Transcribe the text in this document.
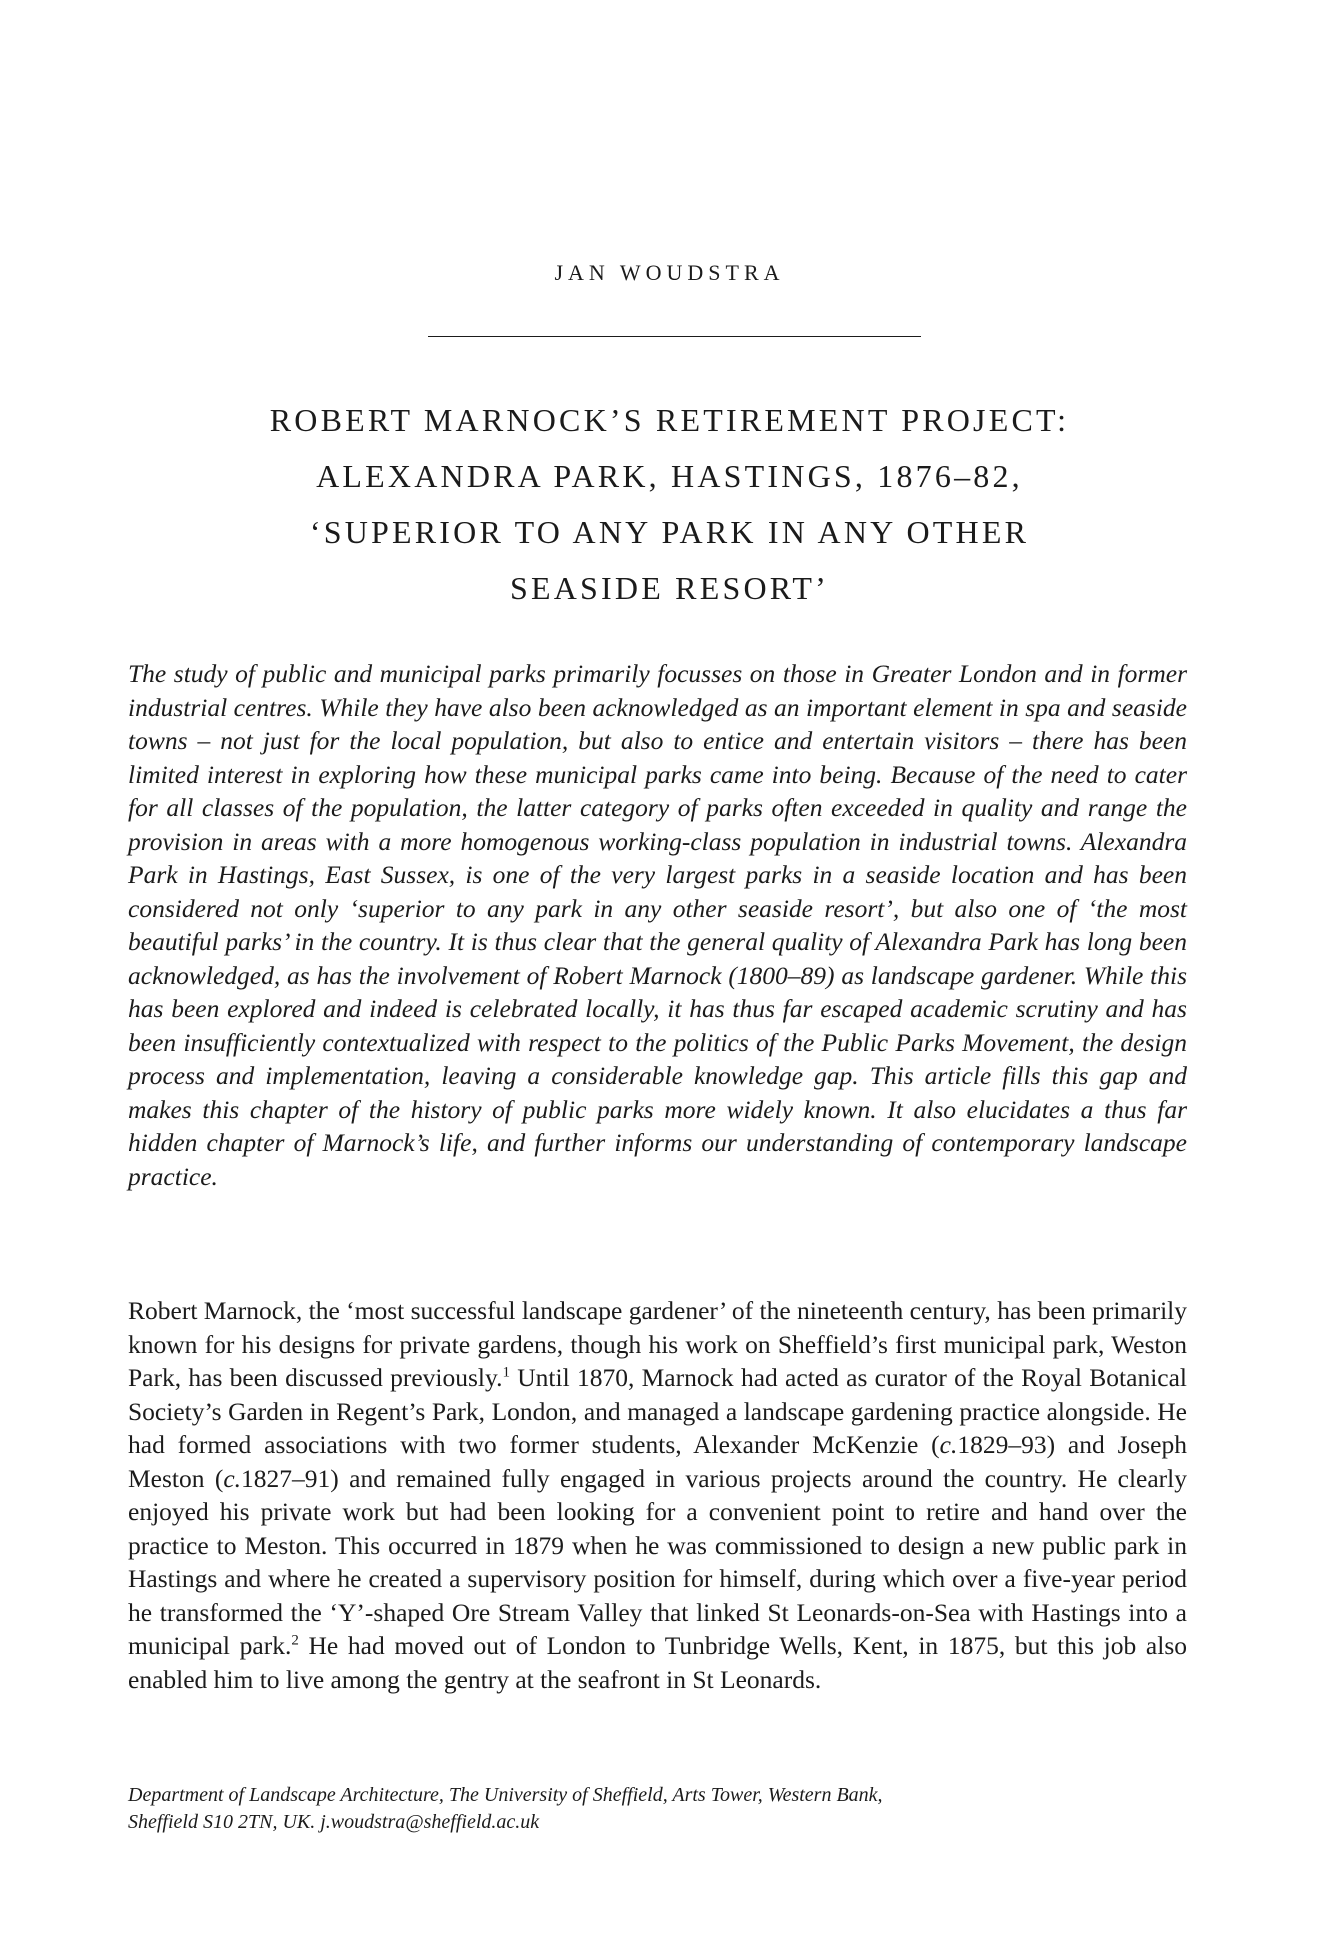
JAN WOUDSTRA
ROBERT MARNOCK’S RETIREMENT PROJECT:
ALEXANDRA PARK, HASTINGS, 1876–82,
‘SUPERIOR TO ANY PARK IN ANY OTHER
SEASIDE RESORT’

The study of public and municipal parks primarily focusses on those in Greater London and in former industrial centres. While they have also been acknowledged as an important element in spa and seaside towns – not just for the local population, but also to entice and entertain visitors – there has been limited interest in exploring how these municipal parks came into being. Because of the need to cater for all classes of the population, the latter category of parks often exceeded in quality and range the provision in areas with a more homogenous working-class population in industrial towns. Alexandra Park in Hastings, East Sussex, is one of the very largest parks in a seaside location and has been considered not only ‘superior to any park in any other seaside resort’, but also one of ‘the most beautiful parks’ in the country. It is thus clear that the general quality of Alexandra Park has long been acknowledged, as has the involvement of Robert Marnock (1800–89) as landscape gardener. While this has been explored and indeed is celebrated locally, it has thus far escaped academic scrutiny and has been insufficiently contextualized with respect to the politics of the Public Parks Movement, the design process and implementation, leaving a considerable knowledge gap. This article fills this gap and makes this chapter of the history of public parks more widely known. It also elucidates a thus far hidden chapter of Marnock’s life, and further informs our understanding of contemporary landscape practice.

Robert Marnock, the ‘most successful landscape gardener’ of the nineteenth century, has been primarily known for his designs for private gardens, though his work on Sheffield’s first municipal park, Weston Park, has been discussed previously.$^1$ Until 1870, Marnock had acted as curator of the Royal Botanical Society’s Garden in Regent’s Park, London, and managed a landscape gardening practice alongside. He had formed associations with two former students, Alexander McKenzie (c.1829–93) and Joseph Meston (c.1827–91) and remained fully engaged in various projects around the country. He clearly enjoyed his private work but had been looking for a convenient point to retire and hand over the practice to Meston. This occurred in 1879 when he was commissioned to design a new public park in Hastings and where he created a supervisory position for himself, during which over a five-year period he transformed the ‘Y’-shaped Ore Stream Valley that linked St Leonards-on-Sea with Hastings into a municipal park.$^2$ He had moved out of London to Tunbridge Wells, Kent, in 1875, but this job also enabled him to live among the gentry at the seafront in St Leonards.

Department of Landscape Architecture, The University of Sheffield, Arts Tower, Western Bank,
Sheffield S10 2TN, UK. j.woudstra@sheffield.ac.uk
